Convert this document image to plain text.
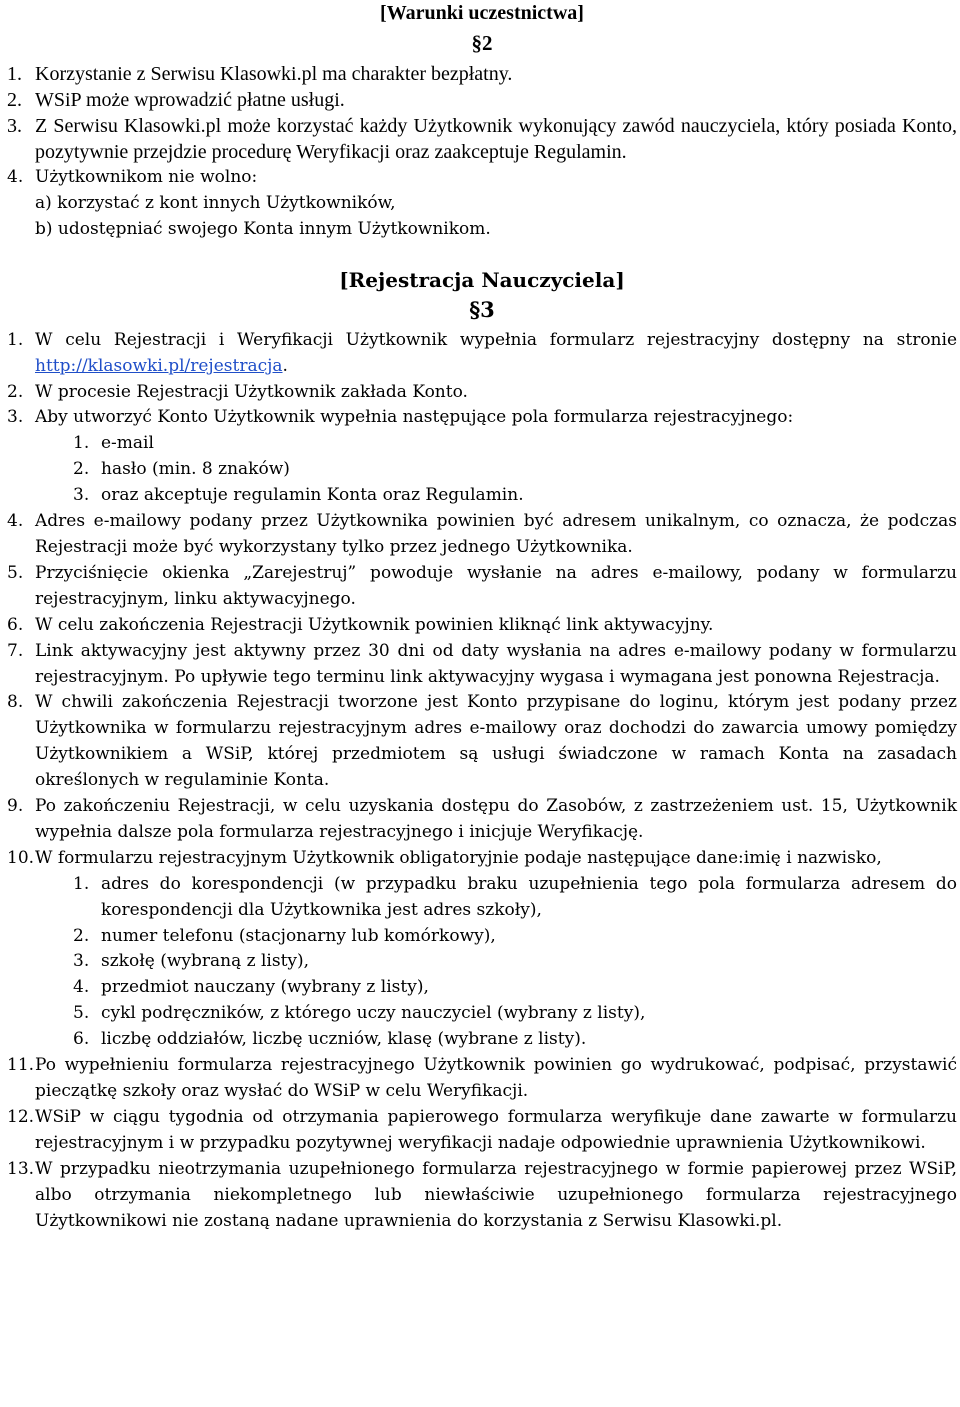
[Warunki uczestnictwa]
§2
1. Korzystanie z Serwisu Klasowki.pl ma charakter bezpłatny.
2. WSiP może wprowadzić płatne usługi.
3. Z Serwisu Klasowki.pl może korzystać każdy Użytkownik wykonujący zawód nauczyciela, który posiada Konto, pozytywnie przejdzie procedurę Weryfikacji oraz zaakceptuje Regulamin.
4. Użytkownikom nie wolno:
a) korzystać z kont innych Użytkowników,
b) udostępniać swojego Konta innym Użytkownikom.
[Rejestracja Nauczyciela]
§3
1. W celu Rejestracji i Weryfikacji Użytkownik wypełnia formularz rejestracyjny dostępny na stronie http://klasowki.pl/rejestracja.
2. W procesie Rejestracji Użytkownik zakłada Konto.
3. Aby utworzyć Konto Użytkownik wypełnia następujące pola formularza rejestracyjnego:
1. e-mail
2. hasło (min. 8 znaków)
3. oraz akceptuje regulamin Konta oraz Regulamin.
4. Adres e-mailowy podany przez Użytkownika powinien być adresem unikalnym, co oznacza, że podczas Rejestracji może być wykorzystany tylko przez jednego Użytkownika.
5. Przyciśnięcie okienka „Zarejestruj” powoduje wysłanie na adres e-mailowy, podany w formularzu rejestracyjnym, linku aktywacyjnego.
6. W celu zakończenia Rejestracji Użytkownik powinien kliknąć link aktywacyjny.
7. Link aktywacyjny jest aktywny przez 30 dni od daty wysłania na adres e-mailowy podany w formularzu rejestracyjnym. Po upływie tego terminu link aktywacyjny wygasa i wymagana jest ponowna Rejestracja.
8. W chwili zakończenia Rejestracji tworzone jest Konto przypisane do loginu, którym jest podany przez Użytkownika w formularzu rejestracyjnym adres e-mailowy oraz dochodzi do zawarcia umowy pomiędzy Użytkownikiem a WSiP, której przedmiotem są usługi świadczone w ramach Konta na zasadach określonych w regulaminie Konta.
9. Po zakończeniu Rejestracji, w celu uzyskania dostępu do Zasobów, z zastrzeżeniem ust. 15, Użytkownik wypełnia dalsze pola formularza rejestracyjnego i inicjuje Weryfikację.
10. W formularzu rejestracyjnym Użytkownik obligatoryjnie podaje następujące dane:imię i nazwisko,
1. adres do korespondencji (w przypadku braku uzupełnienia tego pola formularza adresem do korespondencji dla Użytkownika jest adres szkoły),
2. numer telefonu (stacjonarny lub komórkowy),
3. szkołę (wybraną z listy),
4. przedmiot nauczany (wybrany z listy),
5. cykl podręczników, z którego uczy nauczyciel (wybrany z listy),
6. liczbę oddziałów, liczbę uczniów, klasę (wybrane z listy).
11. Po wypełnieniu formularza rejestracyjnego Użytkownik powinien go wydrukować, podpisać, przystawić pieczątkę szkoły oraz wysłać do WSiP w celu Weryfikacji.
12. WSiP w ciągu tygodnia od otrzymania papierowego formularza weryfikuje dane zawarte w formularzu rejestracyjnym i w przypadku pozytywnej weryfikacji nadaje odpowiednie uprawnienia Użytkownikowi.
13. W przypadku nieotrzymania uzupełnionego formularza rejestracyjnego w formie papierowej przez WSiP, albo otrzymania niekompletnego lub niewłaściwie uzupełnionego formularza rejestracyjnego Użytkownikowi nie zostaną nadane uprawnienia do korzystania z Serwisu Klasowki.pl.
